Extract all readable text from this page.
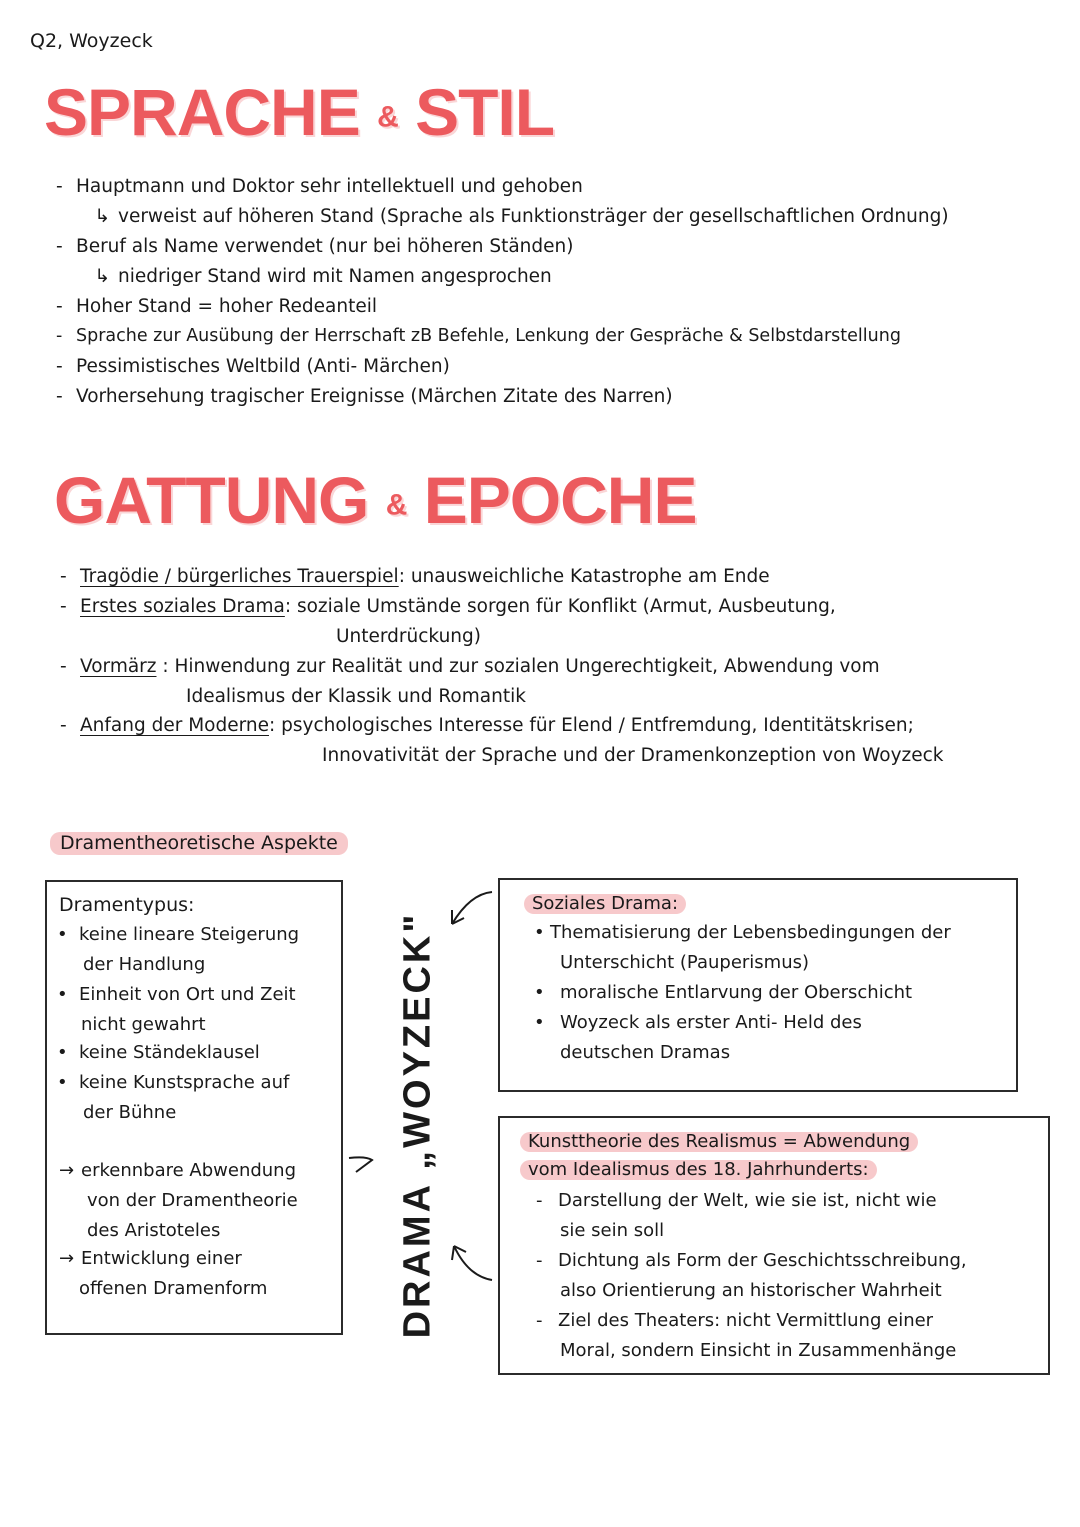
Q2, Woyzeck
SPRACHE & STIL
- Hauptmann und Doktor sehr intellektuell und gehoben
↳ verweist auf höheren Stand (Sprache als Funktionsträger der gesellschaftlichen Ordnung)
- Beruf als Name verwendet (nur bei höheren Ständen)
↳ niedriger Stand wird mit Namen angesprochen
- Hoher Stand = hoher Redeanteil
- Sprache zur Ausübung der Herrschaft zB Befehle, Lenkung der Gespräche & Selbstdarstellung
- Pessimistisches Weltbild (Anti- Märchen)
- Vorhersehung tragischer Ereignisse (Märchen Zitate des Narren)
GATTUNG & EPOCHE
- Tragödie / bürgerliches Trauerspiel: unausweichliche Katastrophe am Ende
- Erstes soziales Drama: soziale Umstände sorgen für Konflikt (Armut, Ausbeutung,
Unterdrückung)
- Vormärz : Hinwendung zur Realität und zur sozialen Ungerechtigkeit, Abwendung vom
Idealismus der Klassik und Romantik
- Anfang der Moderne: psychologisches Interesse für Elend / Entfremdung, Identitätskrisen;
Innovativität der Sprache und der Dramenkonzeption von Woyzeck
Dramentheoretische Aspekte
Dramentypus:
• keine lineare Steigerung
der Handlung
• Einheit von Ort und Zeit
nicht gewahrt
• keine Ständeklausel
• keine Kunstsprache auf
der Bühne
→ erkennbare Abwendung
von der Dramentheorie
des Aristoteles
→ Entwicklung einer
offenen Dramenform	DRAMA „WOYZECK"
Soziales Drama:
• Thematisierung der Lebensbedingungen der
Unterschicht (Pauperismus)
• moralische Entlarvung der Oberschicht
• Woyzeck als erster Anti- Held des
deutschen Dramas
Kunsttheorie des Realismus = Abwendung
vom Idealismus des 18. Jahrhunderts:
- Darstellung der Welt, wie sie ist, nicht wie
sie sein soll
- Dichtung als Form der Geschichtsschreibung,
also Orientierung an historischer Wahrheit
- Ziel des Theaters: nicht Vermittlung einer
Moral, sondern Einsicht in Zusammenhänge
